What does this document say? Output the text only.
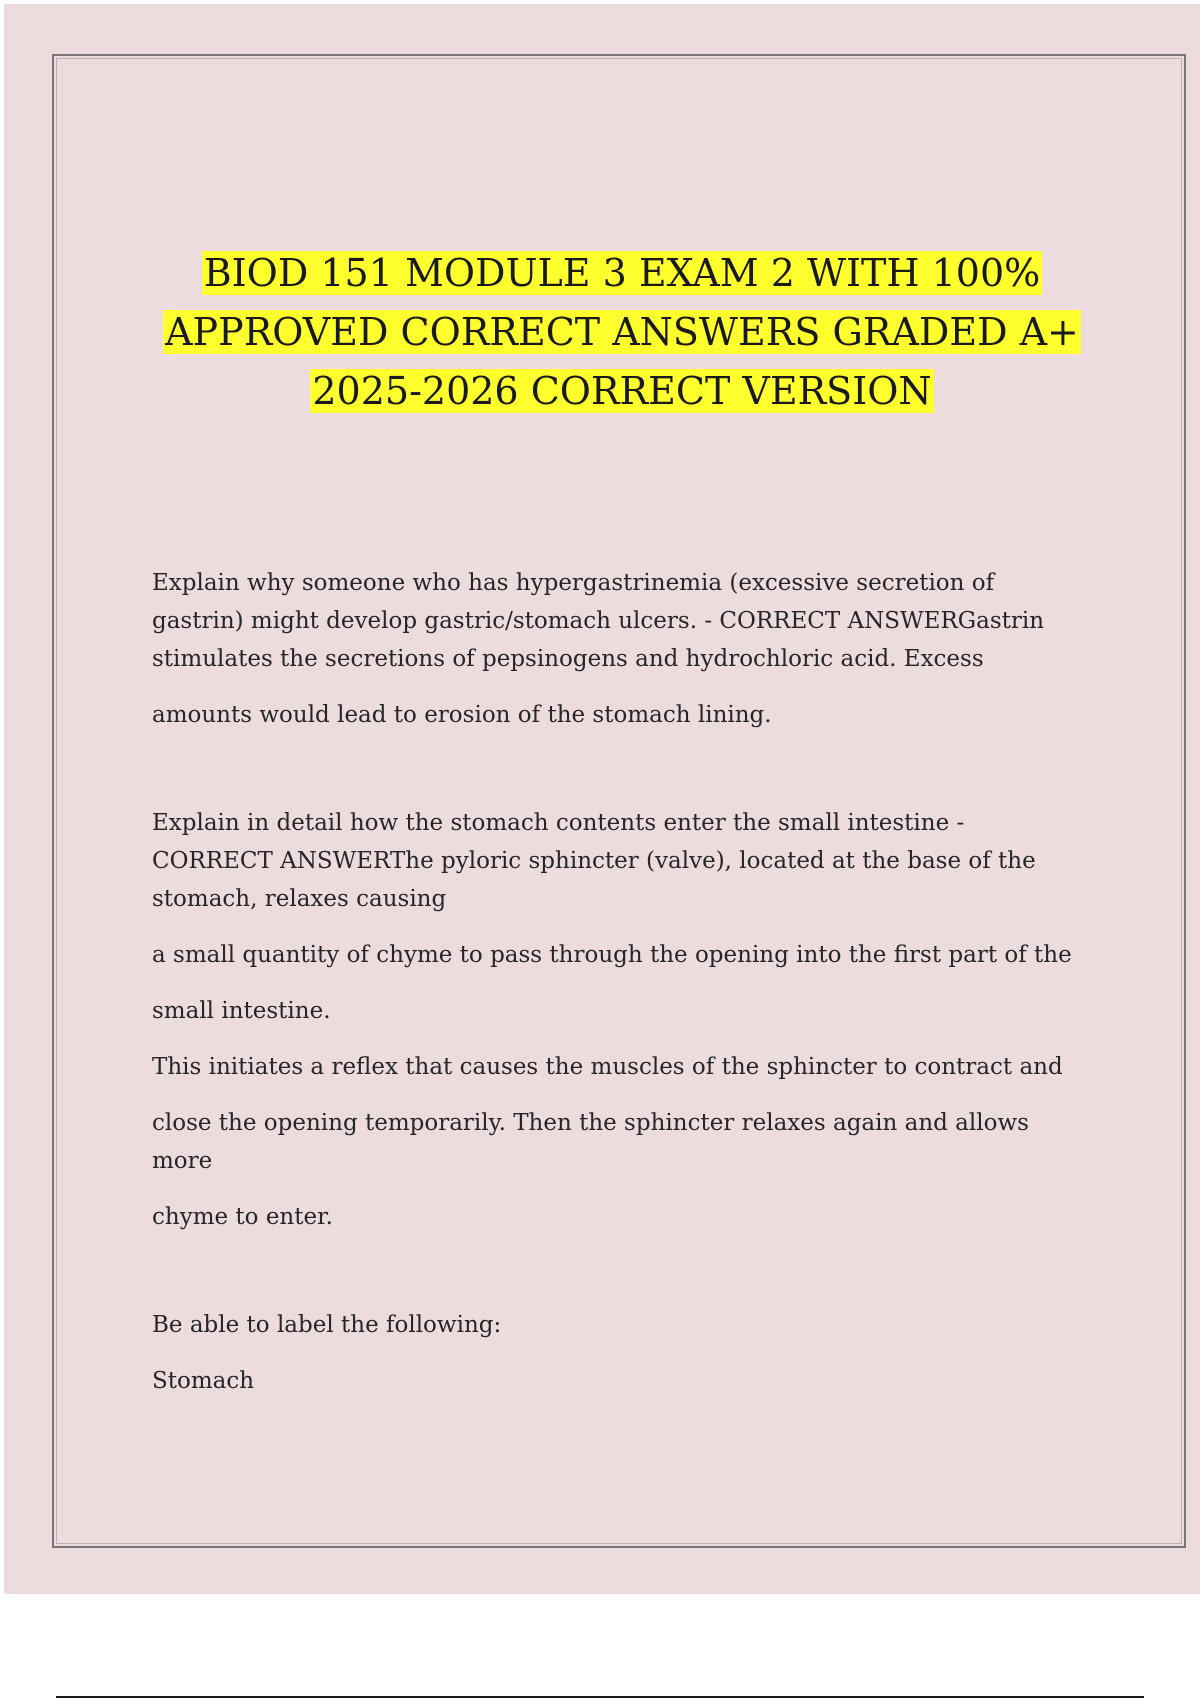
BIOD 151 MODULE 3 EXAM 2 WITH 100%
APPROVED CORRECT ANSWERS GRADED A+
2025-2026 CORRECT VERSION
Explain why someone who has hypergastrinemia (excessive secretion of
gastrin) might develop gastric/stomach ulcers. - CORRECT ANSWERGastrin
stimulates the secretions of pepsinogens and hydrochloric acid. Excess
amounts would lead to erosion of the stomach lining.
Explain in detail how the stomach contents enter the small intestine -
CORRECT ANSWERThe pyloric sphincter (valve), located at the base of the
stomach, relaxes causing
a small quantity of chyme to pass through the opening into the first part of the
small intestine.
This initiates a reflex that causes the muscles of the sphincter to contract and
close the opening temporarily. Then the sphincter relaxes again and allows
more
chyme to enter.
Be able to label the following:
Stomach
